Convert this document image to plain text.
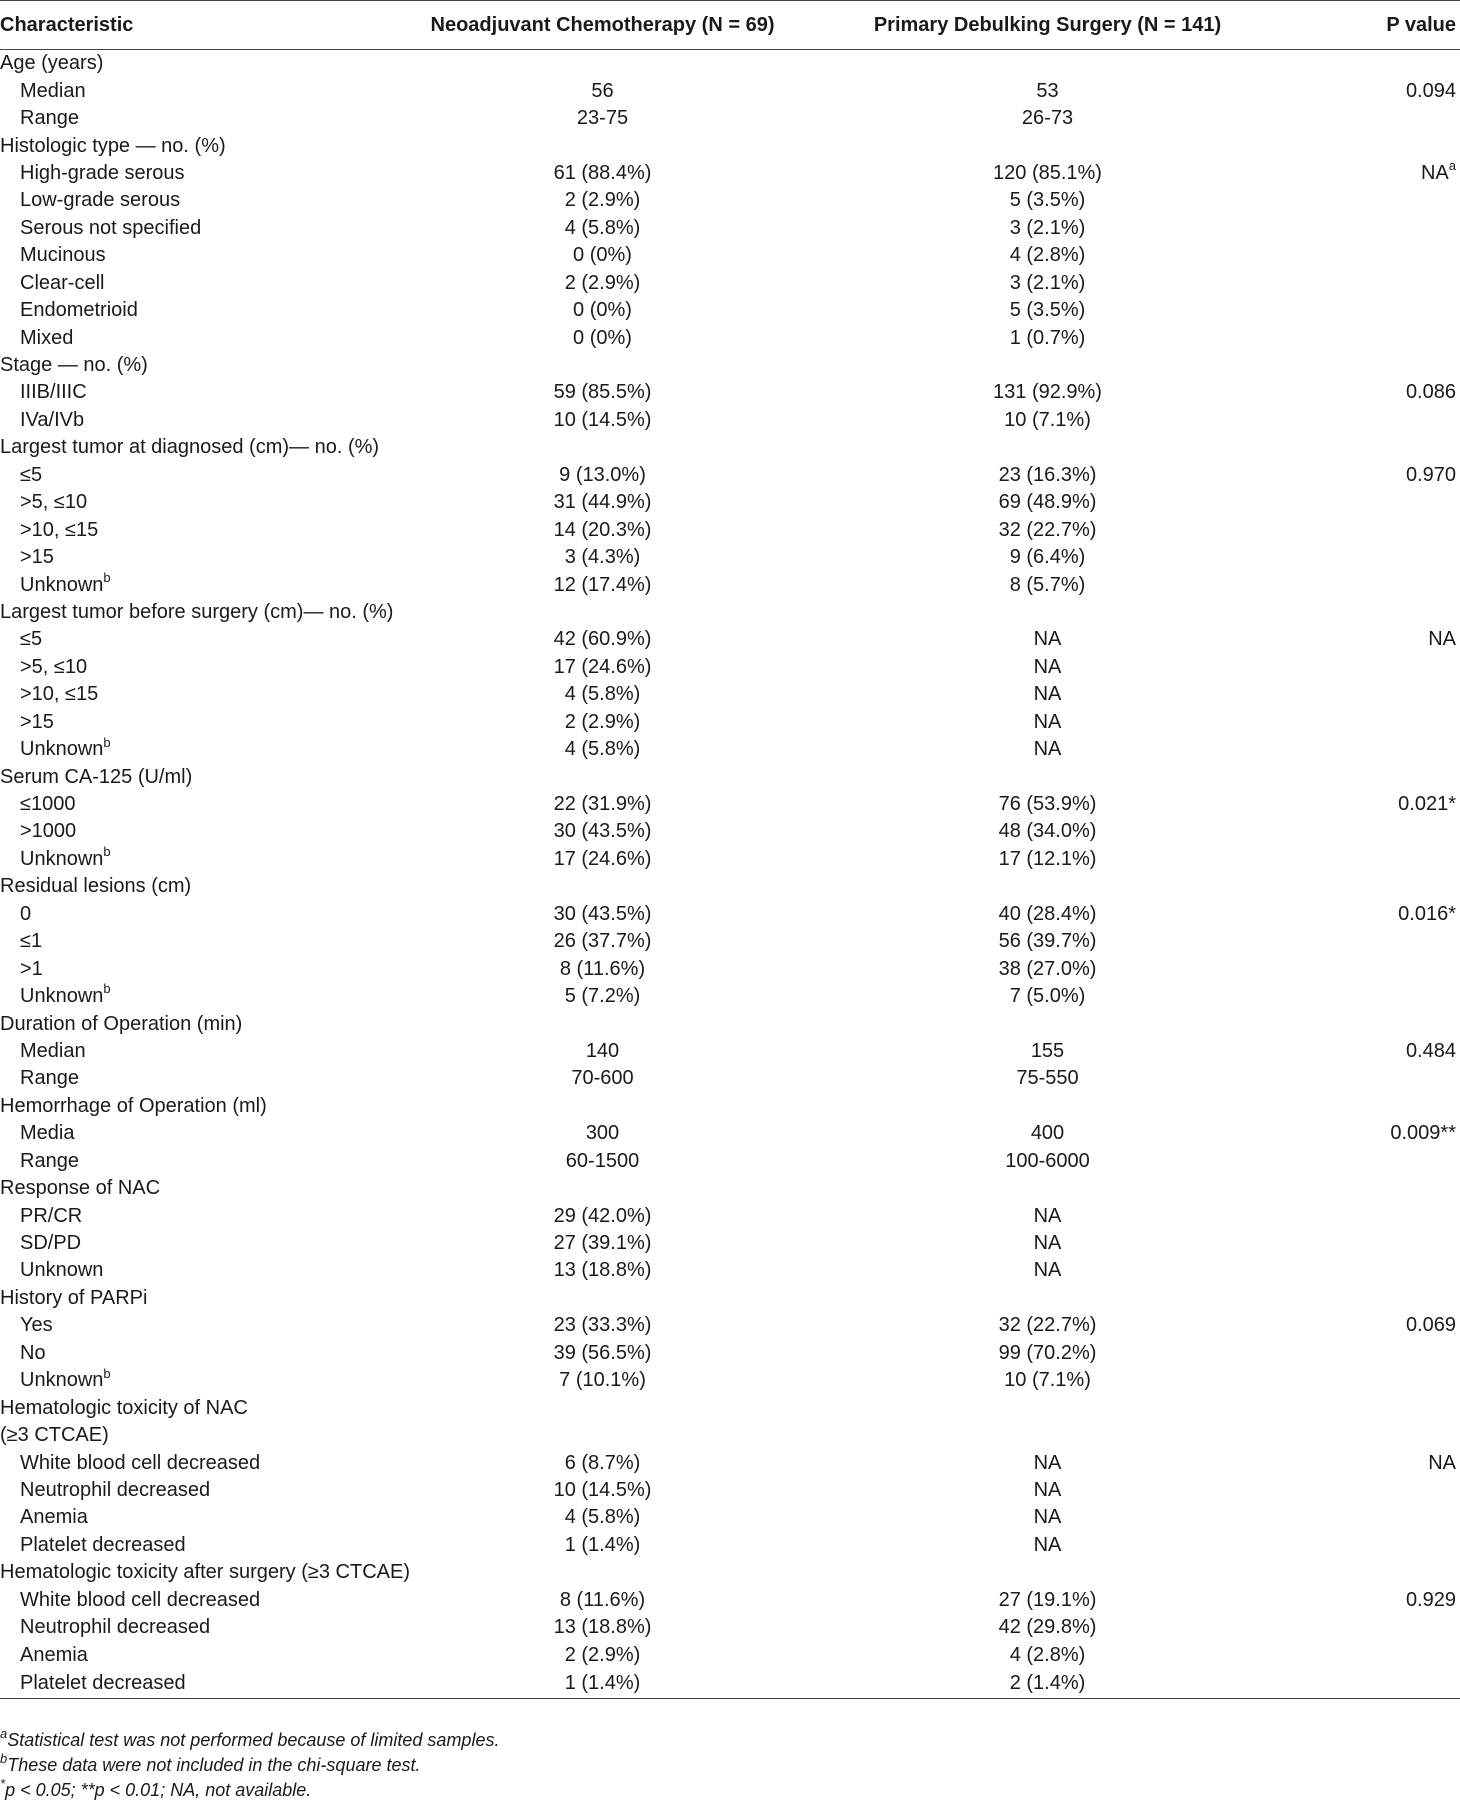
Characteristic	Neoadjuvant Chemotherapy (N = 69)	Primary Debulking Surgery (N = 141)	P value
Age (years)			
Median	56	53	0.094
Range	23-75	26-73	
Histologic type — no. (%)			
High-grade serous	61 (88.4%)	120 (85.1%)	$NA^a$
Low-grade serous	2 (2.9%)	5 (3.5%)	
Serous not specified	4 (5.8%)	3 (2.1%)	
Mucinous	0 (0%)	4 (2.8%)	
Clear-cell	2 (2.9%)	3 (2.1%)	
Endometrioid	0 (0%)	5 (3.5%)	
Mixed	0 (0%)	1 (0.7%)	
Stage — no. (%)			
IIIB/IIIC	59 (85.5%)	131 (92.9%)	0.086
IVa/IVb	10 (14.5%)	10 (7.1%)	
Largest tumor at diagnosed (cm)— no. (%)			
≤5	9 (13.0%)	23 (16.3%)	0.970
>5, ≤10	31 (44.9%)	69 (48.9%)	
>10, ≤15	14 (20.3%)	32 (22.7%)	
>15	3 (4.3%)	9 (6.4%)	
Unknown$^b$	12 (17.4%)	8 (5.7%)	
Largest tumor before surgery (cm)— no. (%)			
≤5	42 (60.9%)	NA	NA
>5, ≤10	17 (24.6%)	NA	
>10, ≤15	4 (5.8%)	NA	
>15	2 (2.9%)	NA	
Unknown$^b$	4 (5.8%)	NA	
Serum CA-125 (U/ml)			
≤1000	22 (31.9%)	76 (53.9%)	0.021*
>1000	30 (43.5%)	48 (34.0%)	
Unknown$^b$	17 (24.6%)	17 (12.1%)	
Residual lesions (cm)			
0	30 (43.5%)	40 (28.4%)	0.016*
≤1	26 (37.7%)	56 (39.7%)	
>1	8 (11.6%)	38 (27.0%)	
Unknown$^b$	5 (7.2%)	7 (5.0%)	
Duration of Operation (min)			
Median	140	155	0.484
Range	70-600	75-550	
Hemorrhage of Operation (ml)			
Media	300	400	0.009**
Range	60-1500	100-6000	
Response of NAC			
PR/CR	29 (42.0%)	NA	
SD/PD	27 (39.1%)	NA	
Unknown	13 (18.8%)	NA	
History of PARPi			
Yes	23 (33.3%)	32 (22.7%)	0.069
No	39 (56.5%)	99 (70.2%)	
Unknown$^b$	7 (10.1%)	10 (7.1%)	
Hematologic toxicity of NAC			
(≥3 CTCAE)			
White blood cell decreased	6 (8.7%)	NA	NA
Neutrophil decreased	10 (14.5%)	NA	
Anemia	4 (5.8%)	NA	
Platelet decreased	1 (1.4%)	NA	
Hematologic toxicity after surgery (≥3 CTCAE)			
White blood cell decreased	8 (11.6%)	27 (19.1%)	0.929
Neutrophil decreased	13 (18.8%)	42 (29.8%)	
Anemia	2 (2.9%)	4 (2.8%)	
Platelet decreased	1 (1.4%)	2 (1.4%)	
$^a$Statistical test was not performed because of limited samples.
$^b$These data were not included in the chi-square test.
*p < 0.05; **p < 0.01; NA, not available.
